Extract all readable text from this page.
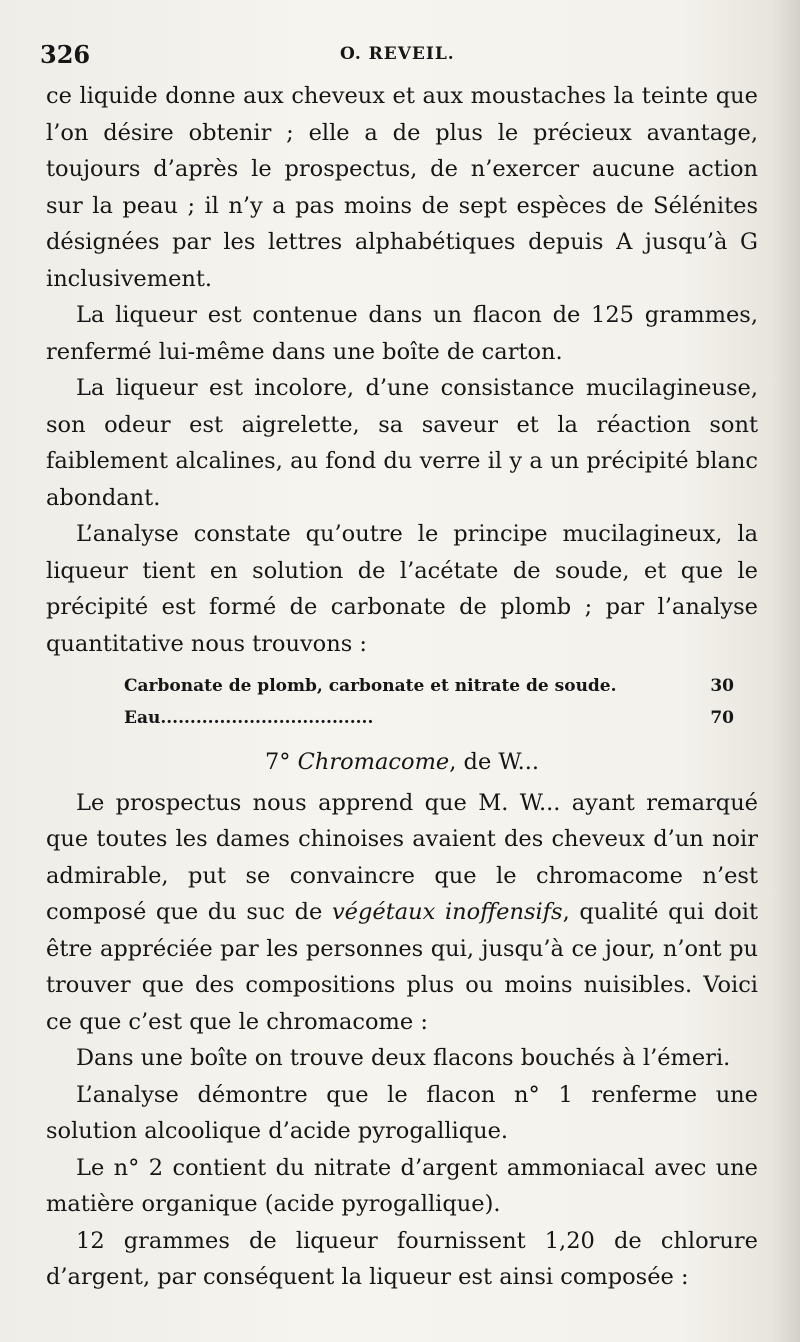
326	O. REVEIL.

ce liquide donne aux cheveux et aux moustaches la teinte que l’on désire obtenir ; elle a de plus le précieux avantage, toujours d’après le prospectus, de n’exercer aucune action sur la peau ; il n’y a pas moins de sept espèces de Sélénites désignées par les lettres alphabétiques depuis A jusqu’à G inclusivement.

La liqueur est contenue dans un flacon de 125 grammes, renfermé lui-même dans une boîte de carton.

La liqueur est incolore, d’une consistance mucilagineuse, son odeur est aigrelette, sa saveur et la réaction sont faiblement alcalines, au fond du verre il y a un précipité blanc abondant.

L’analyse constate qu’outre le principe mucilagineux, la liqueur tient en solution de l’acétate de soude, et que le précipité est formé de carbonate de plomb ; par l’analyse quantitative nous trouvons :

Carbonate de plomb, carbonate et nitrate de soude.	30
Eau....................................	70
7° Chromacome, de W...

Le prospectus nous apprend que M. W... ayant remarqué que toutes les dames chinoises avaient des cheveux d’un noir admirable, put se convaincre que le chromacome n’est composé que du suc de végétaux inoffensifs, qualité qui doit être appréciée par les personnes qui, jusqu’à ce jour, n’ont pu trouver que des compositions plus ou moins nuisibles. Voici ce que c’est que le chromacome :

Dans une boîte on trouve deux flacons bouchés à l’émeri.

L’analyse démontre que le flacon n° 1 renferme une solution alcoolique d’acide pyrogallique.

Le n° 2 contient du nitrate d’argent ammoniacal avec une matière organique (acide pyrogallique).

12 grammes de liqueur fournissent 1,20 de chlorure d’argent, par conséquent la liqueur est ainsi composée :
